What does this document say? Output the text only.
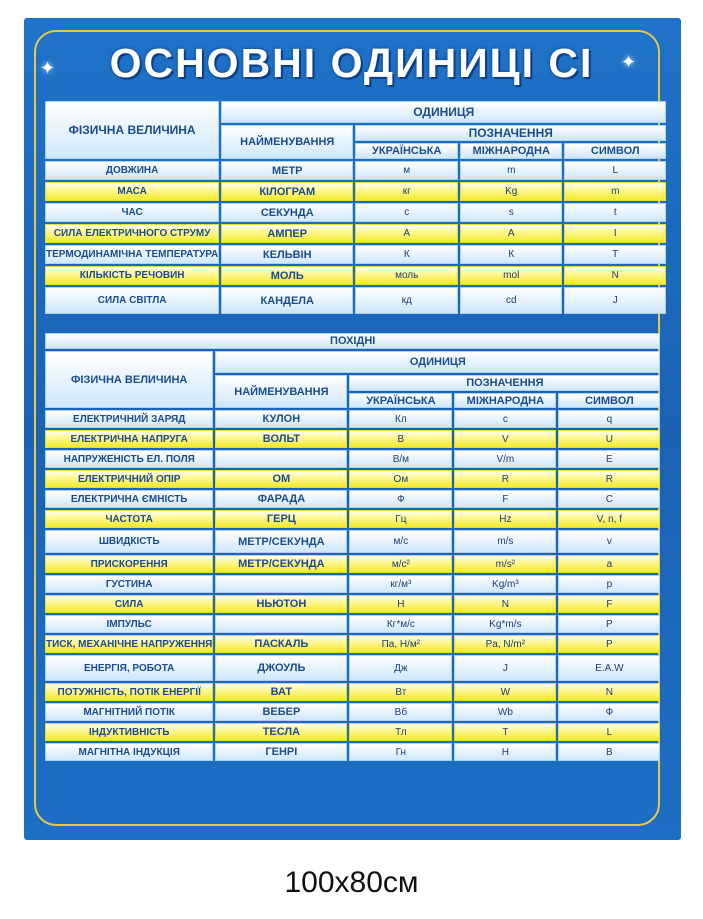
✦	✦
ОСНОВНІ ОДИНИЦІ СІ
ФІЗИЧНА ВЕЛИЧИНА	ОДИНИЦЯ			
	НАЙМЕНУВАННЯ	ПОЗНАЧЕННЯ		
		УКРАЇНСЬКА	МІЖНАРОДНА	СИМВОЛ
ДОВЖИНА	МЕТР	м	m	L
МАСА	КІЛОГРАМ	кг	Kg	m
ЧАС	СЕКУНДА	с	s	t
СИЛА ЕЛЕКТРИЧНОГО СТРУМУ	АМПЕР	А	А	I
ТЕРМОДИНАМІЧНА ТЕМПЕРАТУРА	КЕЛЬВІН	К	К	T
КІЛЬКІСТЬ РЕЧОВИН	МОЛЬ	моль	mol	N
СИЛА СВІТЛА	КАНДЕЛА	кд	cd	J
ПОХІДНІ				
ФІЗИЧНА ВЕЛИЧИНА	ОДИНИЦЯ			
	НАЙМЕНУВАННЯ	ПОЗНАЧЕННЯ		
		УКРАЇНСЬКА	МІЖНАРОДНА	СИМВОЛ
ЕЛЕКТРИЧНИЙ ЗАРЯД	КУЛОН	Кл	c	q
ЕЛЕКТРИЧНА НАПРУГА	ВОЛЬТ	В	V	U
НАПРУЖЕНІСТЬ ЕЛ. ПОЛЯ		В/м	V/m	E
ЕЛЕКТРИЧНИЙ ОПІР	ОМ	Ом	R	R
ЕЛЕКТРИЧНА ЄМНІСТЬ	ФАРАДА	Ф	F	C
ЧАСТОТА	ГЕРЦ	Гц	Hz	V, n, f
ШВИДКІСТЬ	МЕТР/СЕКУНДА	м/с	m/s	v
ПРИСКОРЕННЯ	МЕТР/СЕКУНДА	м/с²	m/s²	a
ГУСТИНА		кг/м³	Kg/m³	p
СИЛА	НЬЮТОН	Н	N	F
ІМПУЛЬС		Кг*м/с	Kg*m/s	P
ТИСК, МЕХАНІЧНЕ НАПРУЖЕННЯ	ПАСКАЛЬ	Па, Н/м²	Pa, N/m²	P
ЕНЕРГІЯ, РОБОТА	ДЖОУЛЬ	Дж	J	E.A.W
ПОТУЖНІСТЬ, ПОТІК ЕНЕРГІЇ	ВАТ	Вт	W	N
МАГНІТНИЙ ПОТІК	ВЕБЕР	Вб	Wb	Ф
ІНДУКТИВНІСТЬ	ТЕСЛА	Тл	T	L
МАГНІТНА ІНДУКЦІЯ	ГЕНРІ	Гн	H	B
100x80см
